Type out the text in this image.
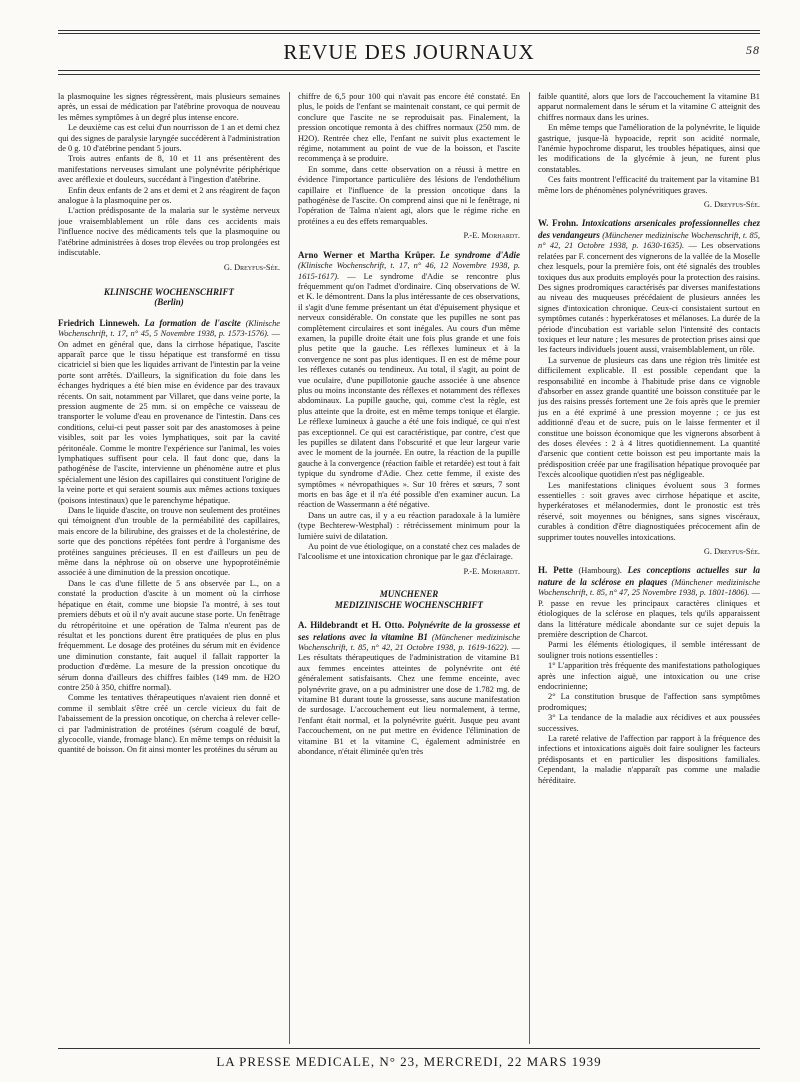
REVUE DES JOURNAUX	58

la plasmoquine les signes régressèrent, mais plusieurs semaines après, un essai de médication par l'atébrine provoqua de nouveau les mêmes symptômes à un degré plus intense encore.

Le deuxième cas est celui d'un nourrisson de 1 an et demi chez qui des signes de paralysie laryngée succédèrent à l'administration de 0 g. 10 d'atébrine pendant 5 jours.

Trois autres enfants de 8, 10 et 11 ans présentèrent des manifestations nerveuses simulant une polynévrite périphérique avec aréflexie et douleurs, succédant à l'ingestion d'atébrine.

Enfin deux enfants de 2 ans et demi et 2 ans réagirent de façon analogue à la plasmoquine per os.

L'action prédisposante de la malaria sur le système nerveux joue vraisemblablement un rôle dans ces accidents mais l'influence nocive des médicaments tels que la plasmoquine ou l'atébrine administrées à doses trop élevées ou trop prolongées est indiscutable.

G. Dreyfus-Sée.

KLINISCHE WOCHENSCHRIFT

(Berlin)

Friedrich Linneweh. La formation de l'ascite (Klinische Wochenschrift, t. 17, n° 45, 5 Novembre 1938, p. 1573-1576). — On admet en général que, dans la cirrhose hépatique, l'ascite apparaît parce que le tissu hépatique est transformé en tissu cicatriciel si bien que les liquides arrivant de l'intestin par la veine porte sont arrêtés. D'ailleurs, la signification du foie dans les échanges hydriques a été bien mise en évidence par des travaux récents. On sait, notamment par Villaret, que dans veine porte, la pression augmente de 25 mm. si on empêche ce vaisseau de transporter le volume d'eau en provenance de l'intestin. Dans ces conditions, celui-ci peut passer soit par des anastomoses à peine visibles, soit par les voies lymphatiques, soit par la cavité péritonéale. Comme le montre l'expérience sur l'animal, les voies lymphatiques suffisent pour cela. Il faut donc que, dans la pathogénèse de l'ascite, intervienne un phénomène autre et plus spécialement une lésion des capillaires qui constituent l'origine de la veine porte et qui seraient soumis aux mêmes actions toxiques (poisons intestinaux) que le parenchyme hépatique.

Dans le liquide d'ascite, on trouve non seulement des protéines qui témoignent d'un trouble de la perméabilité des capillaires, mais encore de la bilirubine, des graisses et de la cholestérine, de sorte que des ponctions répétées font perdre à l'organisme des protéines sanguines précieuses. Il en est d'ailleurs un peu de même dans la néphrose où on observe une hypoprotéinémie associée à une diminution de la pression oncotique.

Dans le cas d'une fillette de 5 ans observée par L., on a constaté la production d'ascite à un moment où la cirrhose hépatique en était, comme une biopsie l'a montré, à ses tout premiers débuts et où il n'y avait aucune stase porte. Un fenêtrage du rétropéritoine et une opération de Talma n'eurent pas de résultat et les ponctions durent être pratiquées de plus en plus fréquemment. Le dosage des protéines du sérum mit en évidence une diminution constante, fait auquel il fallait rapporter la production d'œdème. La mesure de la pression oncotique du sérum donna d'ailleurs des chiffres faibles (149 mm. de H2O contre 250 à 350, chiffre normal).

Comme les tentatives thérapeutiques n'avaient rien donné et comme il semblait s'être créé un cercle vicieux du fait de l'abaissement de la pression oncotique, on chercha à relever celle-ci par l'administration de protéines (sérum coagulé de bœuf, glycocolle, viande, fromage blanc). En même temps on réduisit la quantité de boisson. On fit ainsi monter les protéines du sérum au

chiffre de 6,5 pour 100 qui n'avait pas encore été constaté. En plus, le poids de l'enfant se maintenait constant, ce qui permit de conclure que l'ascite ne se reproduisait pas. Finalement, la pression oncotique remonta à des chiffres normaux (250 mm. de H2O). Rentrée chez elle, l'enfant ne suivit plus exactement le régime, notamment au point de vue de la boisson, et l'ascite recommença à se produire.

En somme, dans cette observation on a réussi à mettre en évidence l'importance particulière des lésions de l'endothélium capillaire et l'influence de la pression oncotique dans la pathogénèse de l'ascite. On comprend ainsi que ni le fenêtrage, ni l'opération de Talma n'aient agi, alors que le régime riche en protéines a eu des effets remarquables.

P.-E. Morhardt.

Arno Werner et Martha Krüper. Le syndrome d'Adie (Klinische Wochenschrift, t. 17, n° 46, 12 Novembre 1938, p. 1615-1617). — Le syndrome d'Adie se rencontre plus fréquemment qu'on l'admet d'ordinaire. Cinq observations de W. et K. le démontrent. Dans la plus intéressante de ces observations, il s'agit d'une femme présentant un état d'épuisement physique et nerveux considérable. On constate que les pupilles ne sont pas complètement circulaires et sont inégales. Au cours d'un même examen, la pupille droite était une fois plus grande et une fois plus petite que la gauche. Les réflexes lumineux et à la convergence ne sont pas plus identiques. Il en est de même pour les réflexes cutanés ou tendineux. Au total, il s'agit, au point de vue oculaire, d'une pupillotonie gauche associée à une absence plus ou moins inconstante des réflexes et notamment des réflexes abdominaux. La pupille gauche, qui, comme c'est la règle, est plus atteinte que la droite, est en même temps tonique et élargie. Le réflexe lumineux à gauche a été une fois indiqué, ce qui n'est pas exceptionnel. Ce qui est caractéristique, par contre, c'est que les pupilles se dilatent dans l'obscurité et que leur largeur varie avec le moment de la journée. En outre, la réaction de la pupille gauche à la convergence (réaction faible et retardée) est tout à fait typique du syndrome d'Adie. Chez cette femme, il existe des symptômes « névropathiques ». Sur 10 frères et sœurs, 7 sont morts en bas âge et il n'a été possible d'en examiner aucun. La réaction de Wassermann a été négative.

Dans un autre cas, il y a eu réaction paradoxale à la lumière (type Bechterew-Westphal) : rétrécissement minimum pour la lumière suivi de dilatation.

Au point de vue étiologique, on a constaté chez ces malades de l'alcoolisme et une intoxication chronique par le gaz d'éclairage.

P.-E. Morhardt.

MUNCHENER

MEDIZINISCHE WOCHENSCHRIFT

A. Hildebrandt et H. Otto. Polynévrite de la grossesse et ses relations avec la vitamine B1 (Münchener medizinische Wochenschrift, t. 85, n° 42, 21 Octobre 1938, p. 1619-1622). — Les résultats thérapeutiques de l'administration de vitamine B1 aux femmes enceintes atteintes de polynévrite ont été généralement satisfaisants. Chez une femme enceinte, avec polynévrite grave, on a pu administrer une dose de 1.782 mg. de vitamine B1 durant toute la grossesse, sans aucune manifestation de surdosage. L'accouchement eut lieu normalement, à terme, l'enfant était normal, et la polynévrite guérit. Jusque peu avant l'accouchement, on ne put mettre en évidence l'élimination de vitamine B1 et la vitamine C, également administrée en abondance, n'était éliminée qu'en très

faible quantité, alors que lors de l'accouchement la vitamine B1 apparut normalement dans le sérum et la vitamine C atteignit des chiffres normaux dans les urines.

En même temps que l'amélioration de la polynévrite, le liquide gastrique, jusque-là hypoacide, reprit son acidité normale, l'anémie hypochrome disparut, les troubles hépatiques, ainsi que les modifications de la glycémie à jeun, ne furent plus constatables.

Ces faits montrent l'efficacité du traitement par la vitamine B1 même lors de phénomènes polynévritiques graves.

G. Dreyfus-Sée.

W. Frohn. Intoxications arsenicales professionnelles chez des vendangeurs (Münchener medizinische Wochenschrift, t. 85, n° 42, 21 Octobre 1938, p. 1630-1635). — Les observations relatées par F. concernent des vignerons de la vallée de la Moselle chez lesquels, pour la première fois, ont été signalés des troubles toxiques dus aux produits employés pour la protection des raisins. Des signes prodromiques caractérisés par diverses manifestations au niveau des muqueuses précédaient de plusieurs années les signes d'intoxication chronique. Ceux-ci consistaient surtout en symptômes cutanés : hyperkératoses et mélanoses. La durée de la période d'incubation est variable selon l'intensité des contacts toxiques et leur nature ; les mesures de protection prises ainsi que les facteurs individuels jouent aussi, vraisemblablement, un rôle.

La survenue de plusieurs cas dans une région très limitée est difficilement explicable. Il est possible cependant que la responsabilité en incombe à l'habitude prise dans ce vignoble d'absorber en assez grande quantité une boisson constituée par le jus des raisins pressés fortement une 2e fois après que le premier jus en a été exprimé à une pression moyenne ; ce jus est additionné d'eau et de sucre, puis on le laisse fermenter et il constitue une boisson économique que les vignerons absorbent à des doses élevées : 2 à 4 litres quotidiennement. La quantité d'arsenic que contient cette boisson est peu importante mais la prédisposition créée par une fragilisation hépatique provoquée par l'excès alcoolique quotidien n'est pas négligeable.

Les manifestations cliniques évoluent sous 3 formes essentielles : soit graves avec cirrhose hépatique et ascite, hyperkératoses et mélanodermies, dont le pronostic est très réservé, soit moyennes ou bénignes, sans signes viscéraux, curables à condition d'être diagnostiquées précocement afin de supprimer toutes nouvelles intoxications.

G. Dreyfus-Sée.

H. Pette (Hambourg). Les conceptions actuelles sur la nature de la sclérose en plaques (Münchener medizinische Wochenschrift, t. 85, n° 47, 25 Novembre 1938, p. 1801-1806). — P. passe en revue les principaux caractères cliniques et étiologiques de la sclérose en plaques, tels qu'ils apparaissent dans la littérature médicale abondante sur ce sujet depuis la première description de Charcot.

Parmi les éléments étiologiques, il semble intéressant de souligner trois notions essentielles :

1° L'apparition très fréquente des manifestations pathologiques après une infection aiguë, une intoxication ou une crise endocrinienne;

2° La constitution brusque de l'affection sans symptômes prodromiques;

3° La tendance de la maladie aux récidives et aux poussées successives.

La rareté relative de l'affection par rapport à la fréquence des infections et intoxications aiguës doit faire souligner les facteurs prédisposants et en particulier les dispositions familiales. Cependant, la maladie n'apparaît pas comme une maladie héréditaire.

LA PRESSE MEDICALE, N° 23, MERCREDI, 22 MARS 1939
